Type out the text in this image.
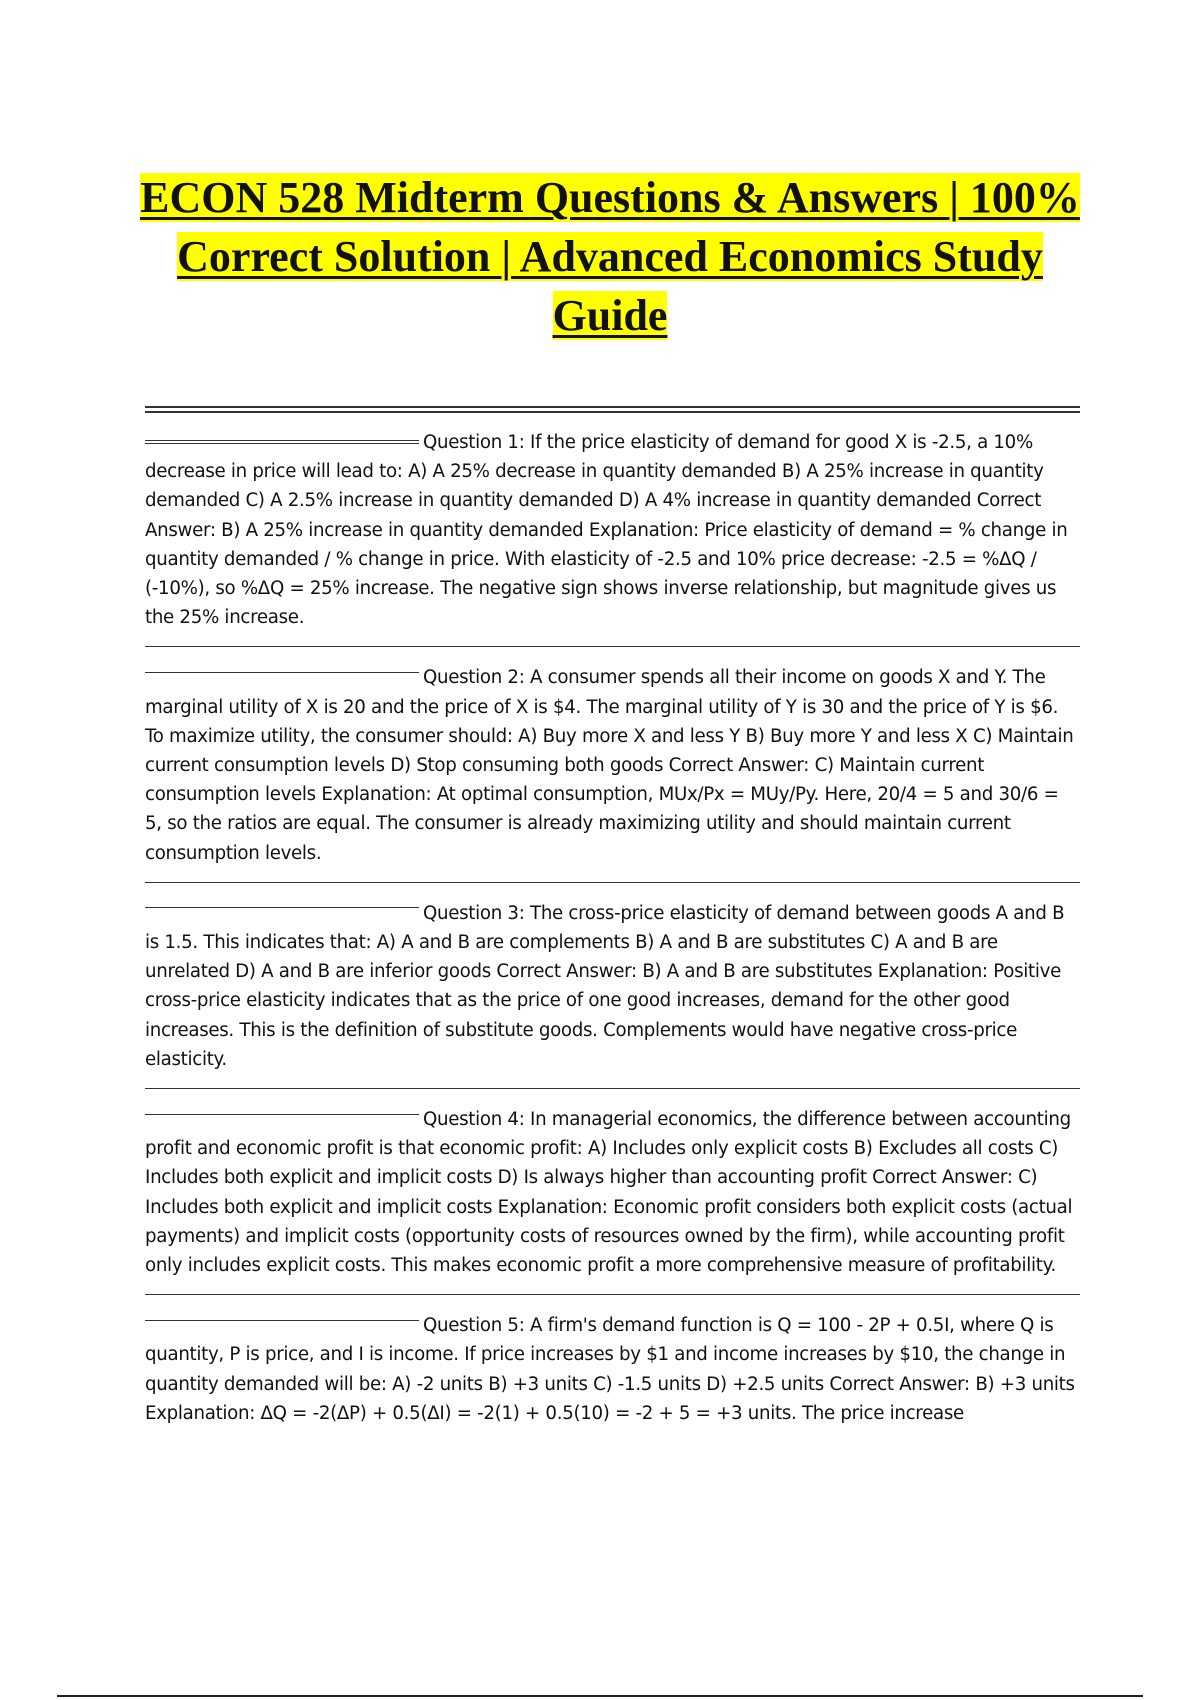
ECON 528 Midterm Questions & Answers | 100% Correct Solution | Advanced Economics Study Guide

Question 1: If the price elasticity of demand for good X is -2.5, a 10% decrease in price will lead to: A) A 25% decrease in quantity demanded B) A 25% increase in quantity demanded C) A 2.5% increase in quantity demanded D) A 4% increase in quantity demanded Correct Answer: B) A 25% increase in quantity demanded Explanation: Price elasticity of demand = % change in quantity demanded / % change in price. With elasticity of -2.5 and 10% price decrease: -2.5 = %ΔQ / (-10%), so %ΔQ = 25% increase. The negative sign shows inverse relationship, but magnitude gives us the 25% increase.

Question 2: A consumer spends all their income on goods X and Y. The marginal utility of X is 20 and the price of X is $4. The marginal utility of Y is 30 and the price of Y is $6. To maximize utility, the consumer should: A) Buy more X and less Y B) Buy more Y and less X C) Maintain current consumption levels D) Stop consuming both goods Correct Answer: C) Maintain current consumption levels Explanation: At optimal consumption, MUx/Px = MUy/Py. Here, 20/4 = 5 and 30/6 = 5, so the ratios are equal. The consumer is already maximizing utility and should maintain current consumption levels.

Question 3: The cross-price elasticity of demand between goods A and B is 1.5. This indicates that: A) A and B are complements B) A and B are substitutes C) A and B are unrelated D) A and B are inferior goods Correct Answer: B) A and B are substitutes Explanation: Positive cross-price elasticity indicates that as the price of one good increases, demand for the other good increases. This is the definition of substitute goods. Complements would have negative cross-price elasticity.

Question 4: In managerial economics, the difference between accounting profit and economic profit is that economic profit: A) Includes only explicit costs B) Excludes all costs C) Includes both explicit and implicit costs D) Is always higher than accounting profit Correct Answer: C) Includes both explicit and implicit costs Explanation: Economic profit considers both explicit costs (actual payments) and implicit costs (opportunity costs of resources owned by the firm), while accounting profit only includes explicit costs. This makes economic profit a more comprehensive measure of profitability.

Question 5: A firm's demand function is Q = 100 - 2P + 0.5I, where Q is quantity, P is price, and I is income. If price increases by $1 and income increases by $10, the change in quantity demanded will be: A) -2 units B) +3 units C) -1.5 units D) +2.5 units Correct Answer: B) +3 units Explanation: ΔQ = -2(ΔP) + 0.5(ΔI) = -2(1) + 0.5(10) = -2 + 5 = +3 units. The price increase
